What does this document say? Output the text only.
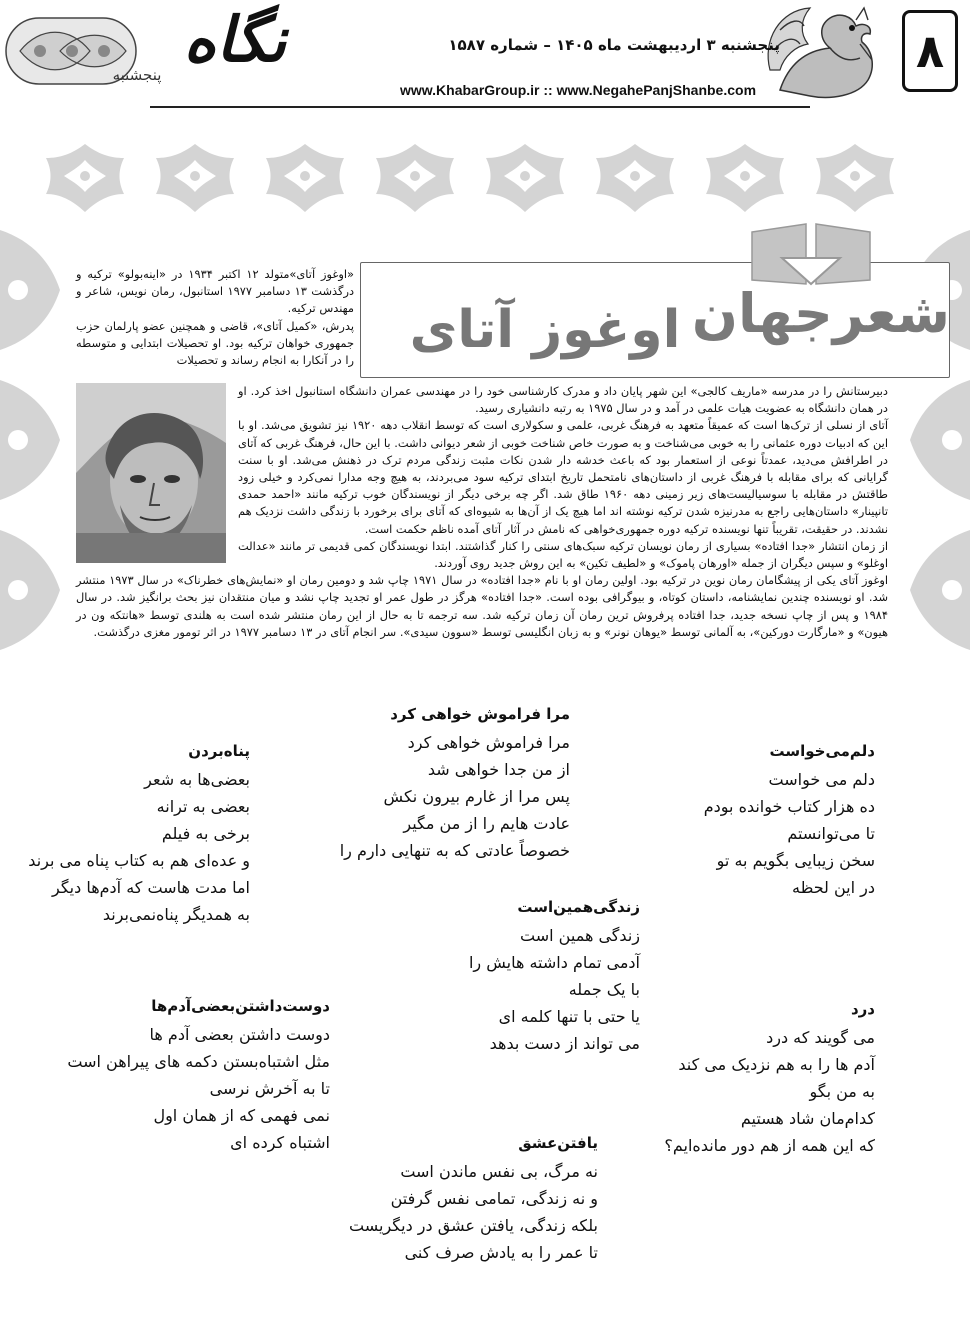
۸
پنجشنبه ۳ اردیبهشت ماه ۱۴۰۵ – شماره ۱۵۸۷
www.KhabarGroup.ir :: www.NegahePanjShanbe.com
نگاه
پنجشنبه
شعرجهان
اوغوز آتای

«اوغوز آتای»متولد ۱۲ اکتبر ۱۹۳۴ در «اینه‌بولو» ترکیه و درگذشت ۱۳ دسامبر ۱۹۷۷ استانبول، رمان نویس، شاعر و مهندس ترکیه.

پدرش، «کمیل آتای»، قاضی و همچنین عضو پارلمان حزب جمهوری خواهان ترکیه بود. او تحصیلات ابتدایی و متوسطه را در آنکارا به انجام رساند و تحصیلات

دبیرستانش را در مدرسه «ماریف کالجی» این شهر پایان داد و مدرک کارشناسی خود را در مهندسی عمران دانشگاه استانبول اخذ کرد. او در همان دانشگاه به عضویت هیات علمی در آمد و در سال ۱۹۷۵ به رتبه دانشیاری رسید.

آتای از نسلی از ترک‌ها است که عمیقاً متعهد به فرهنگ غربی، علمی و سکولاری است که توسط انقلاب دهه ۱۹۲۰ نیز تشویق می‌شد. او با این که ادبیات دوره عثمانی را به خوبی می‌شناخت و به صورت خاص شناخت خوبی از شعر دیوانی داشت. با این حال، فرهنگ غربی که آتای در اطرافش می‌دید، عمدتاً نوعی از استعمار بود که باعث خدشه دار شدن نکات مثبت زندگی مردم ترک در ذهنش می‌شد. او با سنت گرایانی که برای مقابله با فرهنگ غربی از داستان‌های نامتحمل تاریخ ابتدای ترکیه سود می‌بردند، به هیچ وجه مدارا نمی‌کرد و خیلی زود طاقتش در مقابله با سوسیالیست‌های زیر زمینی دهه ۱۹۶۰ طاق شد. اگر چه برخی دیگر از نویسندگان خوب ترکیه مانند «احمد حمدی تانپینار» داستان‌هایی راجع به مدرنیزه شدن ترکیه نوشته اند اما هیچ یک از آن‌ها به شیوه‌ای که آتای برای برخورد با زندگی داشت نزدیک هم نشدند. در حقیقت، تقریباً تنها نویسنده ترکیه دوره جمهوری‌خواهی که نامش در آثار آتای آمده ناظم حکمت است.

از زمان انتشار «جدا افتاده» بسیاری از رمان نویسان ترکیه سبک‌های سنتی را کنار گذاشتند. ابتدا نویسندگان کمی قدیمی تر مانند «عدالت اوغلو» و سپس دیگران از جمله «اورهان پاموک» و «لطیف تکین» به این روش جدید روی آوردند.

اوغوز آتای یکی از پیشگامان رمان نوین در ترکیه بود. اولین رمان او با نام «جدا افتاده» در سال ۱۹۷۱ چاپ شد و دومین رمان او «نمایش‌های خطرناک» در سال ۱۹۷۳ منتشر شد. او نویسنده چندین نمایشنامه، داستان کوتاه، و بیوگرافی بوده است. «جدا افتاده» هرگز در طول عمر او تجدید چاپ نشد و میان منتقدان نیز بحث برانگیز شد. در سال ۱۹۸۴ و پس از چاپ نسخه جدید، جدا افتاده پرفروش ترین رمان آن زمان ترکیه شد. سه ترجمه تا به حال از این رمان منتشر شده است به هلندی توسط «هانتکه ون در هیون» و «مارگارت دورکین»، به آلمانی توسط «یوهان نونر» و به زبان انگلیسی توسط «سوون سیدی». سر انجام آتای در ۱۳ دسامبر ۱۹۷۷ در اثر تومور مغزی درگذشت.

دلم‌می‌خواست
دلم می خواست
ده هزار کتاب خوانده بودم
تا می‌توانستم
سخن زیبایی بگویم به تو
در این لحظه
مرا فراموش خواهی کرد
مرا فراموش خواهی کرد
از من جدا خواهی شد
پس مرا از غارم بیرون نکش
عادت هایم را از من مگیر
خصوصاً عادتی که به تنهایی دارم را
پناه‌بردن
بعضی‌ها به شعر
بعضی به ترانه
برخی به فیلم
و عده‌ای هم به کتاب پناه می برند
اما مدت هاست که آدم‌ها دیگر
به همدیگر پناه‌نمی‌برند	زندگی‌همین‌است
زندگی همین است
آدمی تمام داشته هایش را
با یک جمله
یا حتی با تنها کلمه ای
می تواند از دست بدهد
درد
می گویند که درد
آدم ها را به هم نزدیک می کند
به من بگو
کدام‌مان شاد هستیم
که این همه از هم دور مانده‌ایم؟
دوست‌داشتن‌بعضی‌آدم‌ها
دوست داشتن بعضی آدم ها
مثل اشتباه‌بستن دکمه های پیراهن است
تا به آخرش نرسی
نمی فهمی که از همان اول
اشتباه کرده ای	یافتن‌عشق
نه مرگ، بی نفس ماندن است
و نه زندگی، تمامی نفس گرفتن
بلکه زندگی، یافتن عشق در دیگریست
تا عمر را به یادش صرف کنی
